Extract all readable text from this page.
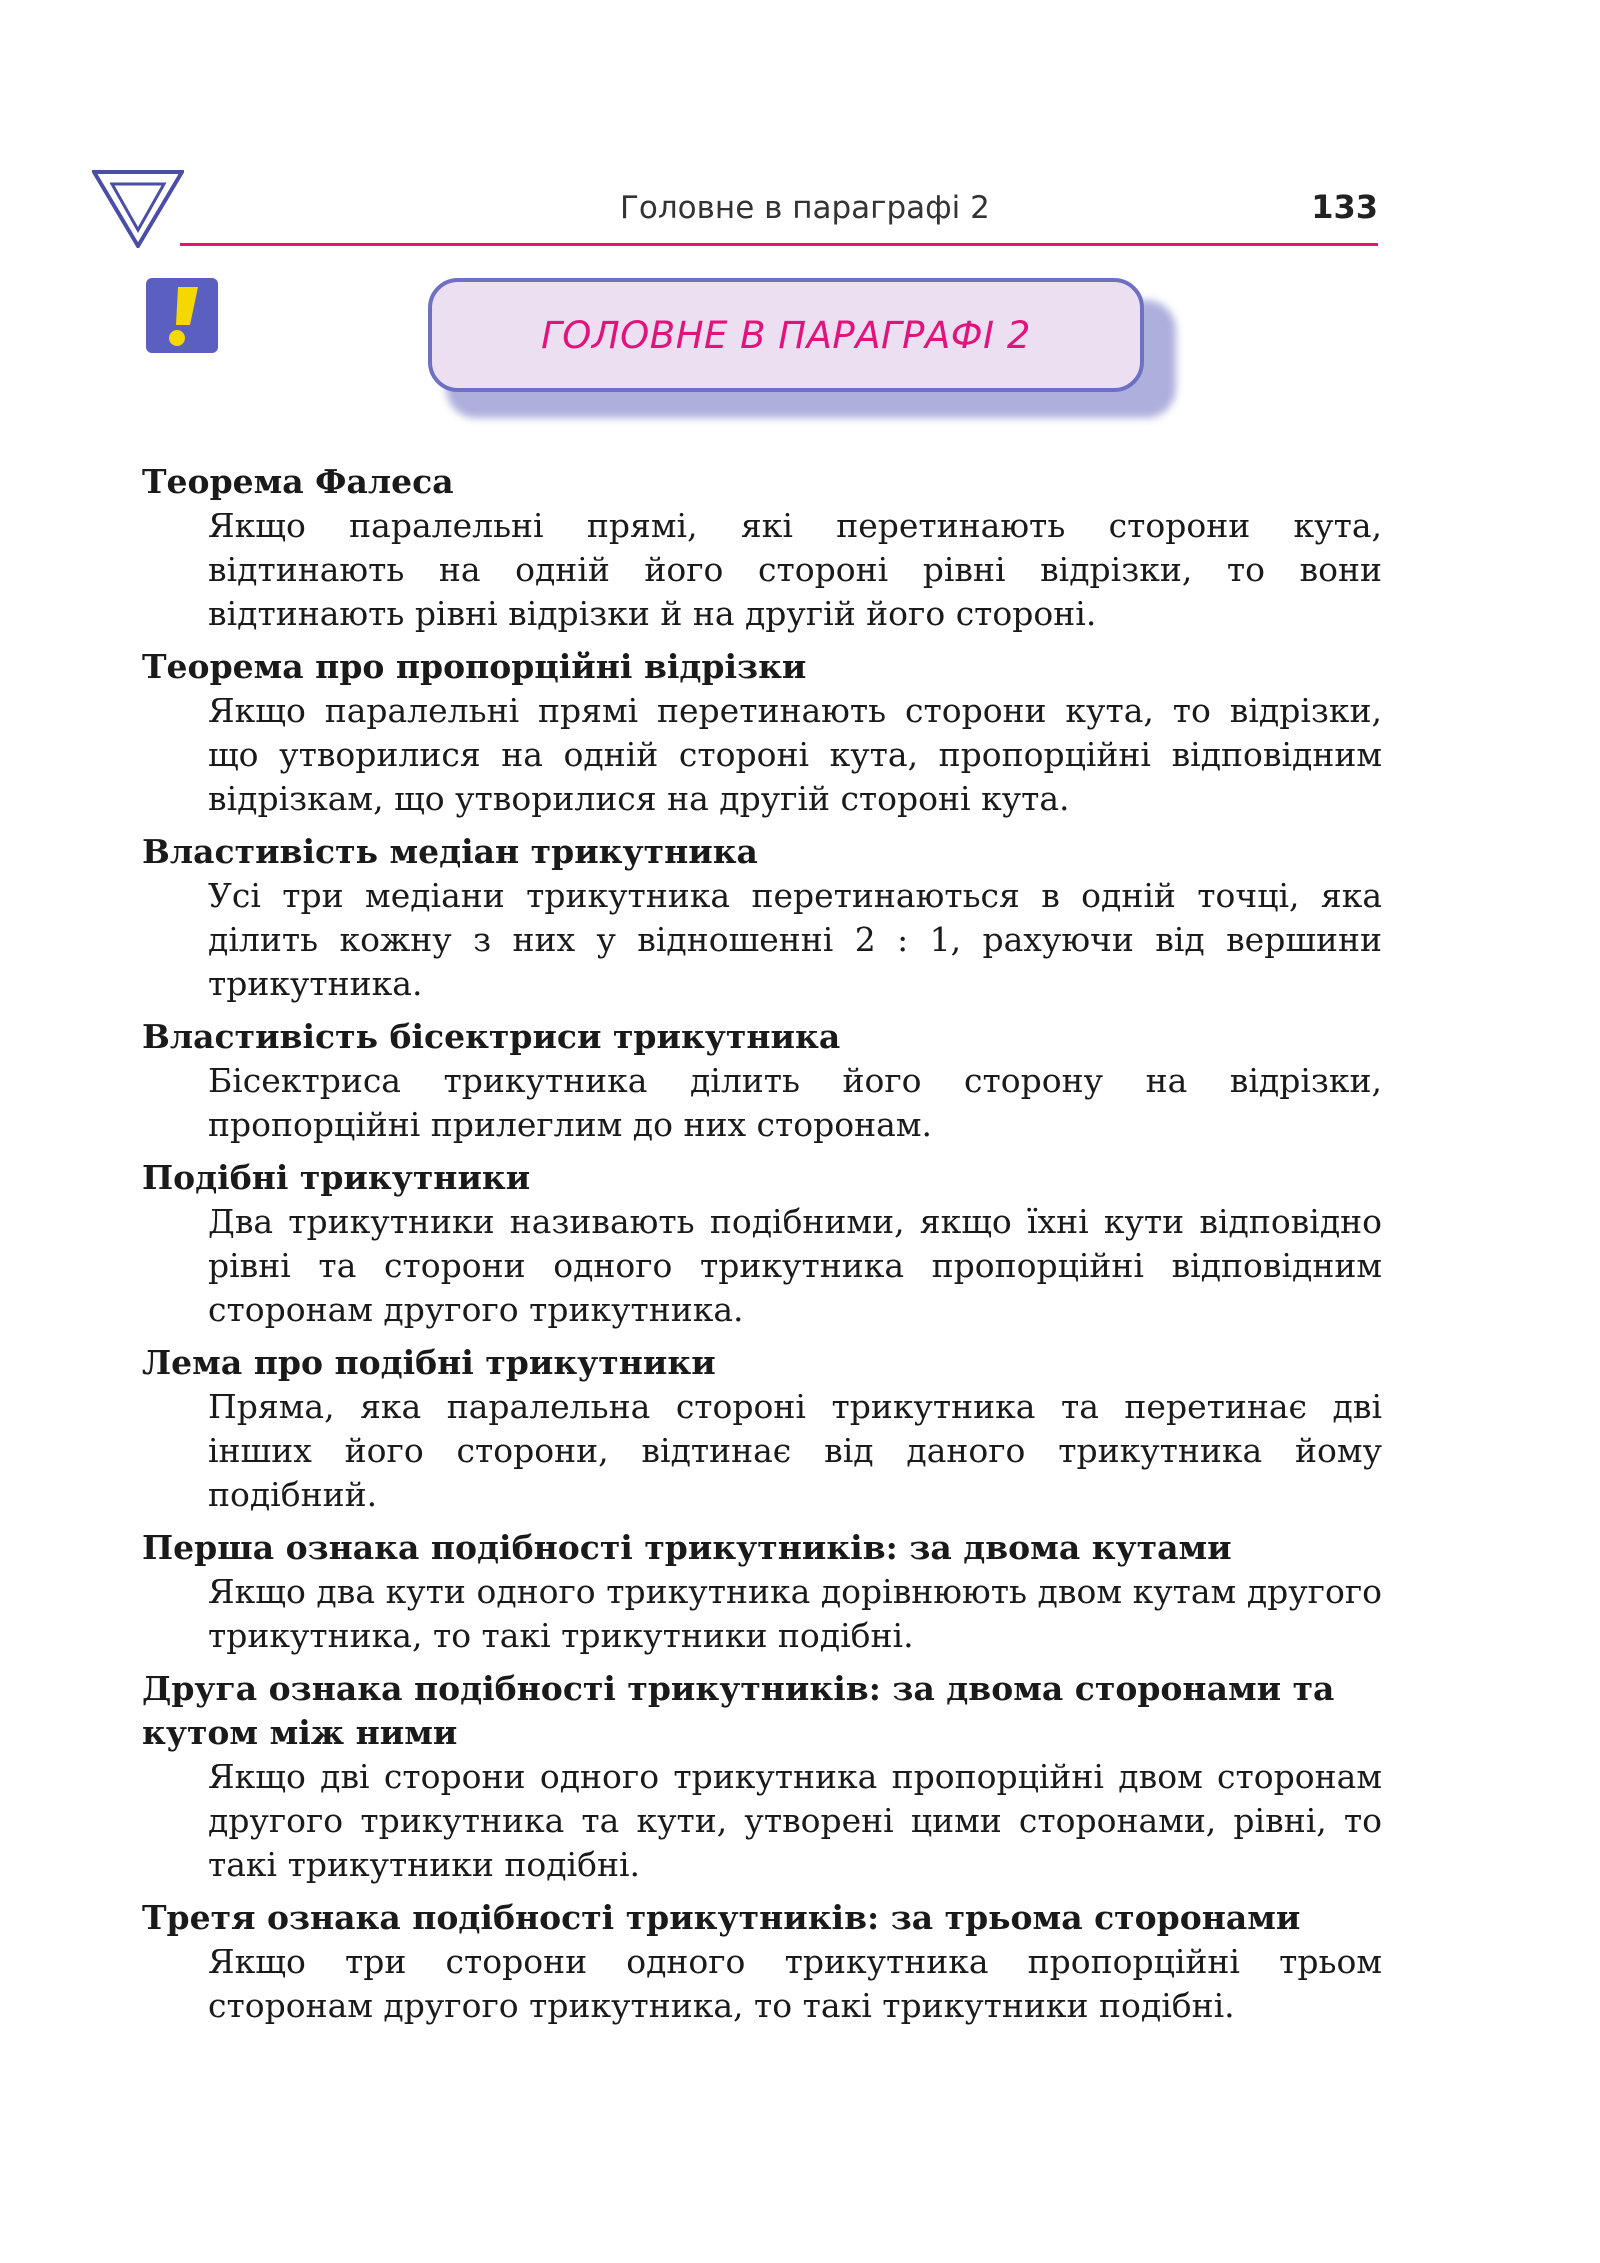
Головне в параграфі 2	133
ГОЛОВНЕ В ПАРАГРАФІ 2

Теорема Фалеса

Якщо паралельні прямі, які перетинають сторони кута, відтинають на одній його стороні рівні відрізки, то вони відтинають рівні відрізки й на другій його стороні.

Теорема про пропорційні відрізки

Якщо паралельні прямі перетинають сторони кута, то відрізки, що утворилися на одній стороні кута, пропорційні відповідним відрізкам, що утворилися на другій стороні кута.

Властивість медіан трикутника

Усі три медіани трикутника перетинаються в одній точці, яка ділить кожну з них у відношенні 2 : 1, рахуючи від вершини трикутника.

Властивість бісектриси трикутника

Бісектриса трикутника ділить його сторону на відрізки, пропорційні прилеглим до них сторонам.

Подібні трикутники

Два трикутники називають подібними, якщо їхні кути відповідно рівні та сторони одного трикутника пропорційні відповідним сторонам другого трикутника.

Лема про подібні трикутники

Пряма, яка паралельна стороні трикутника та перетинає дві інших його сторони, відтинає від даного трикутника йому подібний.

Перша ознака подібності трикутників: за двома кутами

Якщо два кути одного трикутника дорівнюють двом кутам другого трикутника, то такі трикутники подібні.

Друга ознака подібності трикутників: за двома сторонами та кутом між ними

Якщо дві сторони одного трикутника пропорційні двом сторонам другого трикутника та кути, утворені цими сторонами, рівні, то такі трикутники подібні.

Третя ознака подібності трикутників: за трьома сторонами

Якщо три сторони одного трикутника пропорційні трьом сторонам другого трикутника, то такі трикутники подібні.
